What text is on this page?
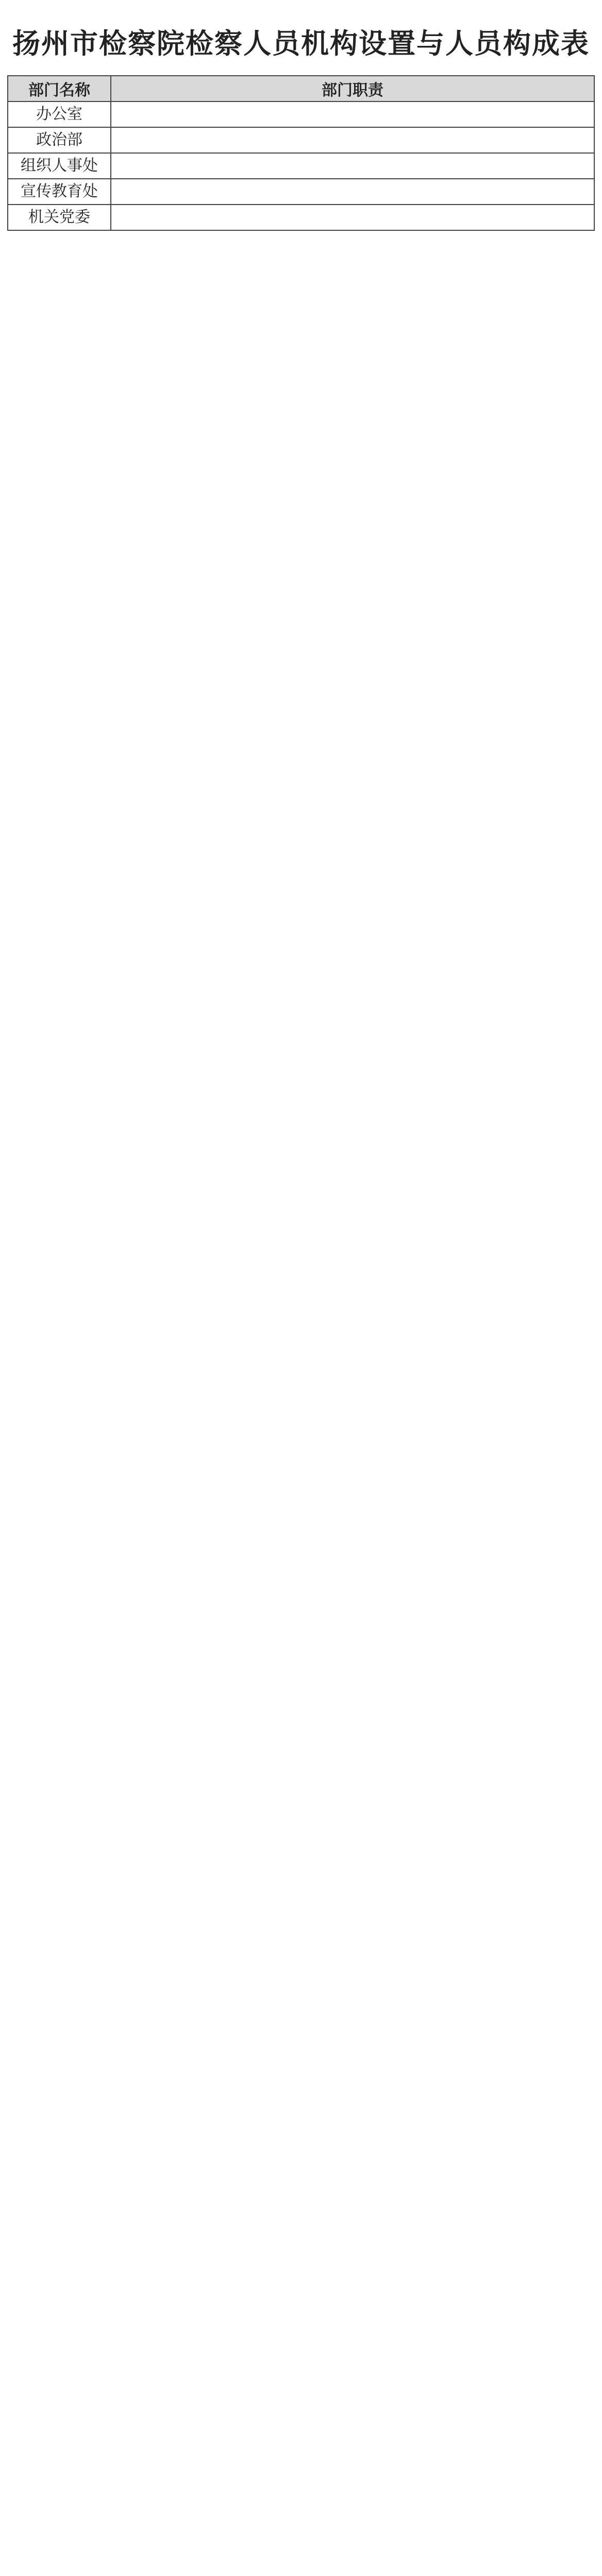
扬州市检察院检察人员机构设置与人员构成表
部门名称	部门职责
办公室	
政治部	
组织人事处	
宣传教育处	
机关党委	
